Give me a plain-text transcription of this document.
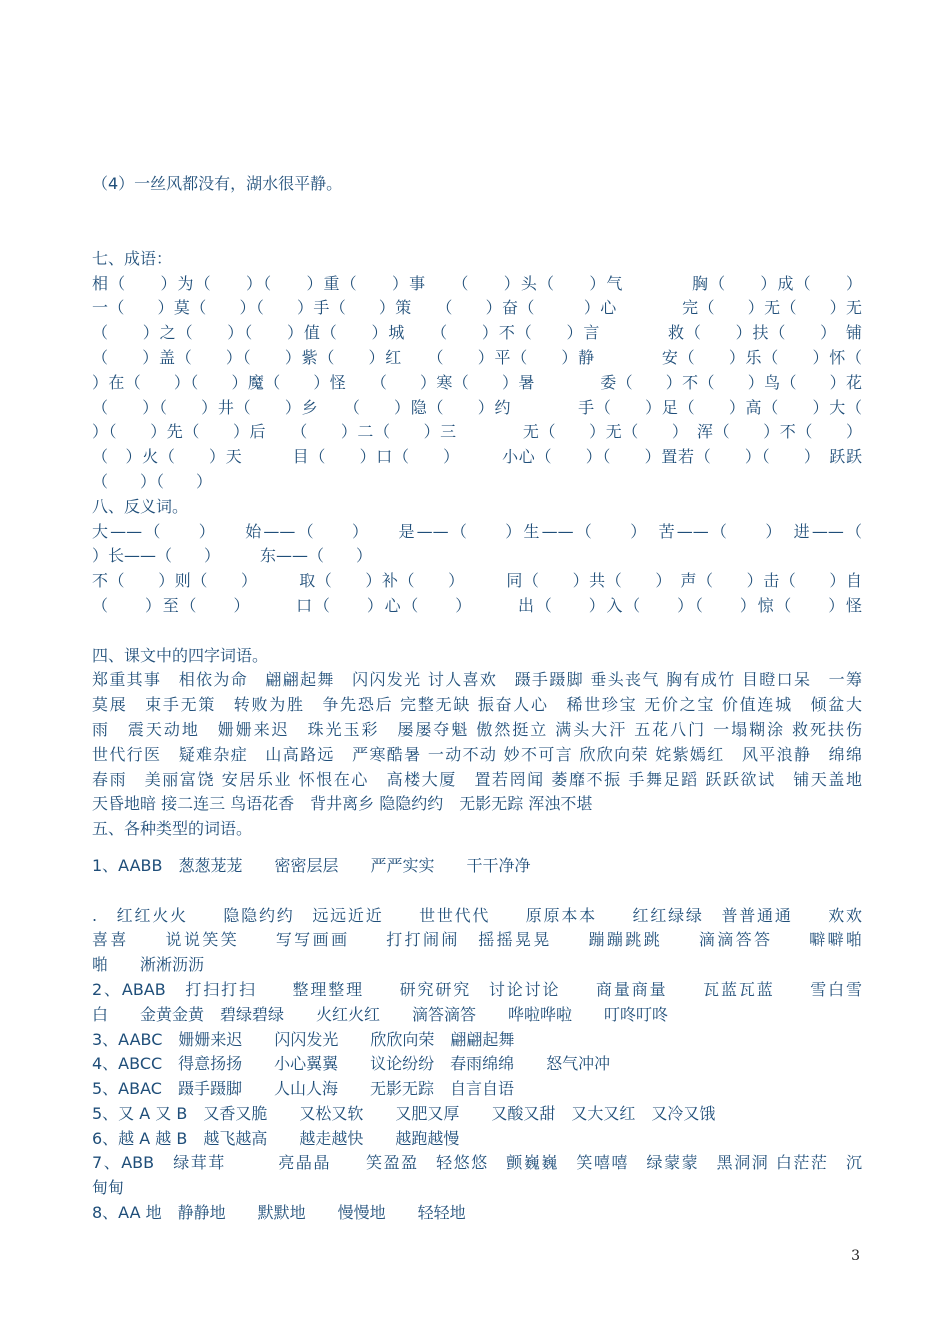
（4）一丝风都没有，湖水很平静。
七、成语：
相（　　）为（　　）（　　）重（　　）事　　（　　）头（　　）气　　　　胸（　　）成（　　）
一（　　）莫（　　）（　　）手（　　）策　　（　　）奋（　　　）心　　　　完（　　）无（　　）无
（　　）之（　　）（　　）值（　　）城　　（　　）不（　　）言　　　　救（　　）扶（　　）　铺
（　　）盖（　　）（　　）紫（　　）红　　（　　）平（　　）静　　　　安（　　）乐（　　）怀（
）在（　　）（　　）魔（　　）怪　　（　　）寒（　　）暑　　　　委（　　）不（　　）鸟（　　）花
（　　）（　　）井（　　）乡　　（　　）隐（　　）约　　　　手（　　）足（　　）高（　　）大（
）（　　）先（　　）后　　（　　）二（　　）三　　　　无（　　）无（　　）　浑（　　）不（　　）
（　）火（　　）天　　　目（　　）口（　　）　　　小心（　　）（　　）置若（　　）（　　）　跃跃
（　　）（　　）
八、反义词。
大——（　　）　　始——（　　）　　是——（　　）生——（　　）　苦——（　　）　进——（
）长——（　　）　　　东——（　　）
不（　　）则（　　）　　　取（　　）补（　　）　　　同（　　）共（　　）　声（　　）击（　　）自
（　　）至（　　）　　　口（　　）心（　　）　　　出（　　）入（　　）（　　）惊（　　）怪
四、课文中的四字词语。
郑重其事　相依为命　翩翩起舞　闪闪发光 讨人喜欢　蹑手蹑脚 垂头丧气 胸有成竹 目瞪口呆　一筹
莫展　束手无策　转败为胜　争先恐后 完整无缺 振奋人心　稀世珍宝 无价之宝 价值连城　倾盆大
雨　震天动地　姗姗来迟　珠光玉彩　屡屡夺魁 傲然挺立 满头大汗 五花八门 一塌糊涂 救死扶伤
世代行医　疑难杂症　山高路远　严寒酷暑 一动不动 妙不可言 欣欣向荣 姹紫嫣红　风平浪静　绵绵
春雨　美丽富饶 安居乐业 怀恨在心　高楼大厦　置若罔闻 萎靡不振 手舞足蹈 跃跃欲试　铺天盖地
天昏地暗 接二连三 鸟语花香　背井离乡 隐隐约约　无影无踪 浑浊不堪
五、各种类型的词语。
1、AABB　葱葱茏茏　　密密层层　　严严实实　　干干净净
.　红红火火　　隐隐约约　远远近近　　世世代代　　原原本本　　红红绿绿　普普通通　　欢欢
喜喜　　说说笑笑　　写写画画　　打打闹闹　摇摇晃晃　　蹦蹦跳跳　　滴滴答答　　噼噼啪
啪　　淅淅沥沥
2、ABAB　打扫打扫　　整理整理　　研究研究　讨论讨论　　商量商量　　瓦蓝瓦蓝　　雪白雪
白　　金黄金黄　碧绿碧绿　　火红火红　　滴答滴答　　哗啦哗啦　　叮咚叮咚
3、AABC　姗姗来迟　　闪闪发光　　欣欣向荣　翩翩起舞
4、ABCC　得意扬扬　　小心翼翼　　议论纷纷　春雨绵绵　　怒气冲冲
5、ABAC　蹑手蹑脚　　人山人海　　无影无踪　自言自语
5、又 A 又 B　又香又脆　　又松又软　　又肥又厚　　又酸又甜　又大又红　又冷又饿
6、越 A 越 B　越飞越高　　越走越快　　越跑越慢
7、ABB　绿茸茸　　　亮晶晶　　笑盈盈　轻悠悠　颤巍巍　笑嘻嘻　绿蒙蒙　黑洞洞 白茫茫　沉
甸甸
8、AA 地　静静地　　默默地　　慢慢地　　轻轻地
3
